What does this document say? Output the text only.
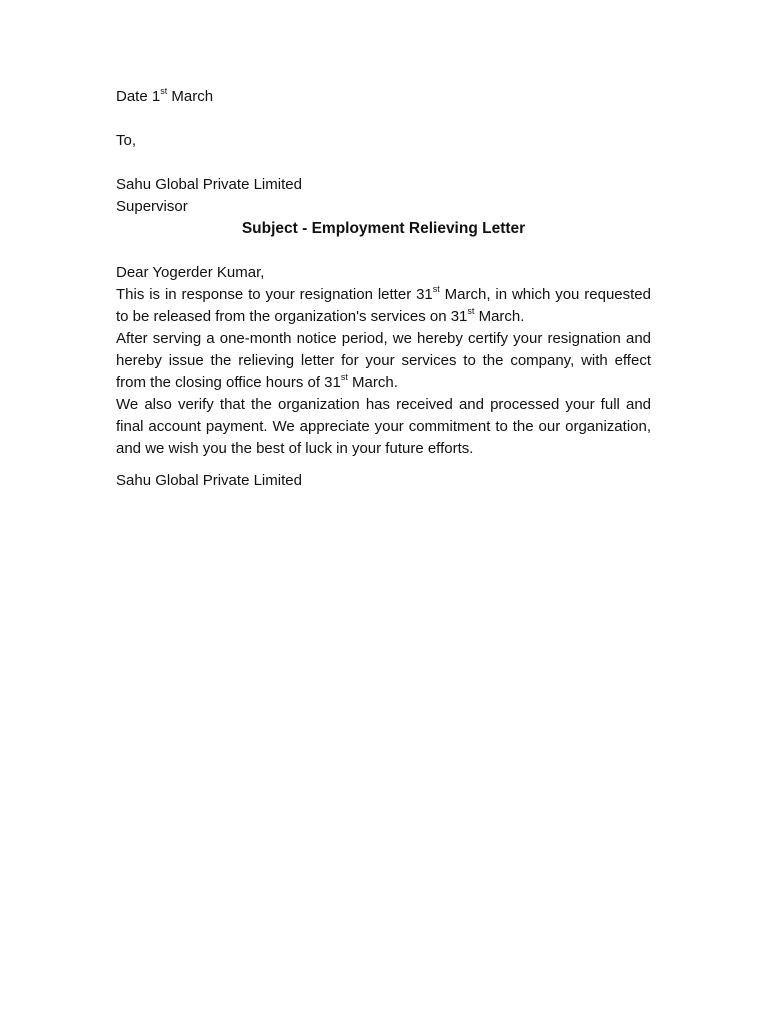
Date 1st March

To,

Sahu Global Private Limited

Supervisor

Subject - Employment Relieving Letter

Dear Yogerder Kumar,

This is in response to your resignation letter 31st March, in which you requested to be released from the organization's services on 31st March.

After serving a one-month notice period, we hereby certify your resignation and hereby issue the relieving letter for your services to the company, with effect from the closing office hours of 31st March.

We also verify that the organization has received and processed your full and final account payment. We appreciate your commitment to the our organization, and we wish you the best of luck in your future efforts.

Sahu Global Private Limited
